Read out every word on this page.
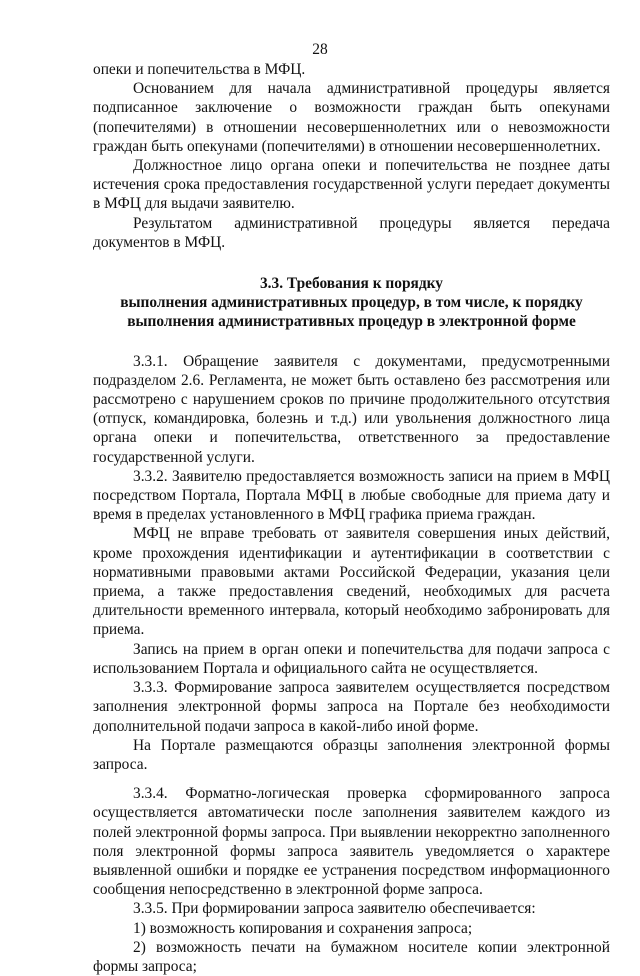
28

опеки и попечительства в МФЦ.

Основанием для начала административной процедуры является подписанное заключение о возможности граждан быть опекунами (попечителями) в отношении несовершеннолетних или о невозможности граждан быть опекунами (попечителями) в отношении несовершеннолетних.

Должностное лицо органа опеки и попечительства не позднее даты истечения срока предоставления государственной услуги передает документы в МФЦ для выдачи заявителю.

Результатом административной процедуры является передача документов в МФЦ.

3.3. Требования к порядку
выполнения административных процедур, в том числе, к порядку
выполнения административных процедур в электронной форме

3.3.1. Обращение заявителя с документами, предусмотренными подразделом 2.6. Регламента, не может быть оставлено без рассмотрения или рассмотрено с нарушением сроков по причине продолжительного отсутствия (отпуск, командировка, болезнь и т.д.) или увольнения должностного лица органа опеки и попечительства, ответственного за предоставление государственной услуги.

3.3.2. Заявителю предоставляется возможность записи на прием в МФЦ посредством Портала, Портала МФЦ в любые свободные для приема дату и время в пределах установленного в МФЦ графика приема граждан.

МФЦ не вправе требовать от заявителя совершения иных действий, кроме прохождения идентификации и аутентификации в соответствии с нормативными правовыми актами Российской Федерации, указания цели приема, а также предоставления сведений, необходимых для расчета длительности временного интервала, который необходимо забронировать для приема.

Запись на прием в орган опеки и попечительства для подачи запроса с использованием Портала и официального сайта не осуществляется.

3.3.3. Формирование запроса заявителем осуществляется посредством заполнения электронной формы запроса на Портале без необходимости дополнительной подачи запроса в какой-либо иной форме.

На Портале размещаются образцы заполнения электронной формы запроса.

3.3.4. Форматно-логическая проверка сформированного запроса осуществляется автоматически после заполнения заявителем каждого из полей электронной формы запроса. При выявлении некорректно заполненного поля электронной формы запроса заявитель уведомляется о характере выявленной ошибки и порядке ее устранения посредством информационного сообщения непосредственно в электронной форме запроса.

3.3.5. При формировании запроса заявителю обеспечивается:

1) возможность копирования и сохранения запроса;

2) возможность печати на бумажном носителе копии электронной формы запроса;
